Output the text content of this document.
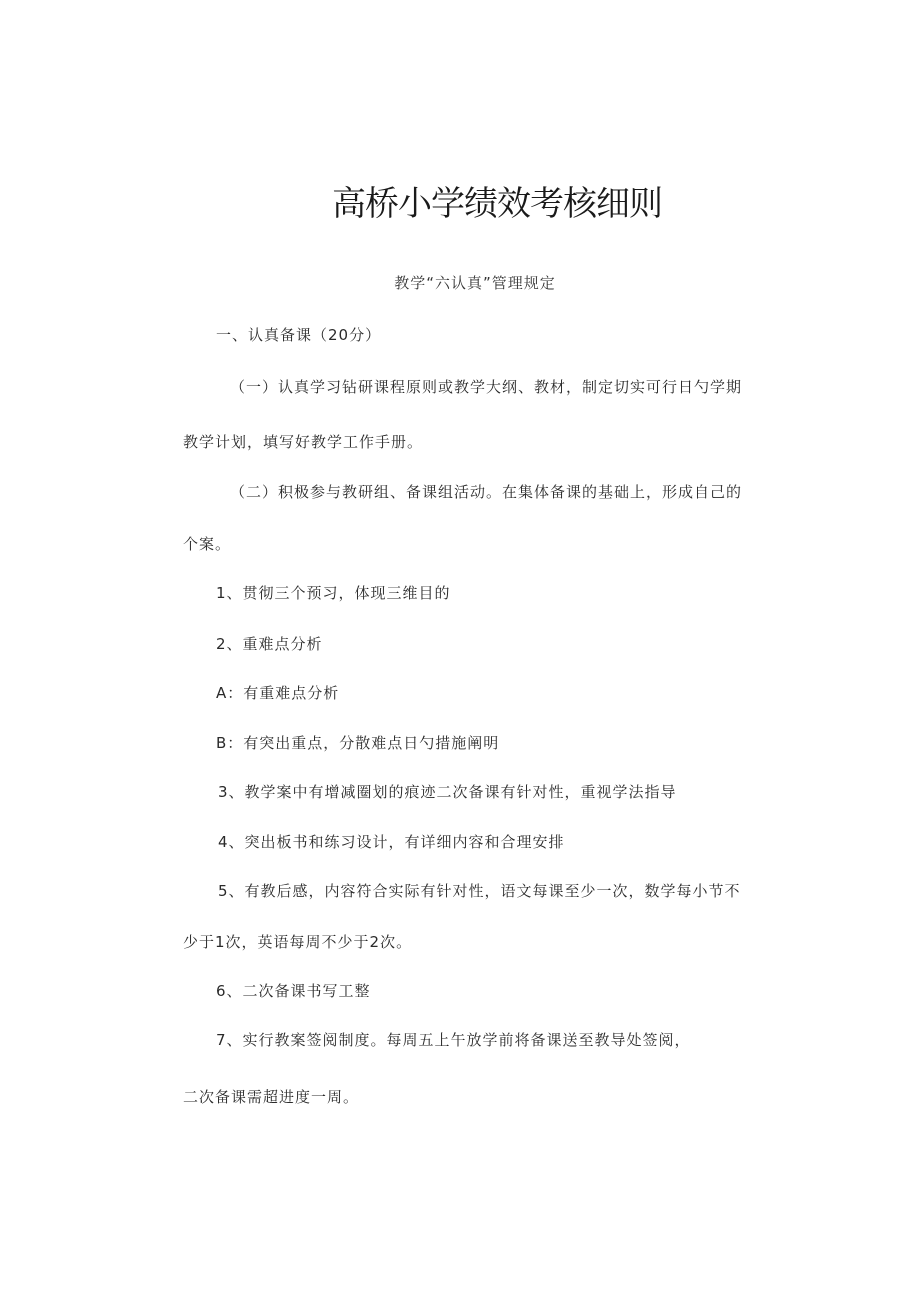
高桥小学绩效考核细则
教学“六认真”管理规定
一、认真备课（20分）
（一）认真学习钻研课程原则或教学大纲、教材，制定切实可行日勺学期
教学计划，填写好教学工作手册。
（二）积极参与教研组、备课组活动。在集体备课的基础上，形成自己的
个案。
1、贯彻三个预习，体现三维目的
2、重难点分析
A：有重难点分析
B：有突出重点，分散难点日勺措施阐明
3、教学案中有增减圈划的痕迹二次备课有针对性，重视学法指导
4、突出板书和练习设计，有详细内容和合理安排
5、有教后感，内容符合实际有针对性，语文每课至少一次，数学每小节不
少于1次，英语每周不少于2次。
6、二次备课书写工整
7、实行教案签阅制度。每周五上午放学前将备课送至教导处签阅，
二次备课需超进度一周。
